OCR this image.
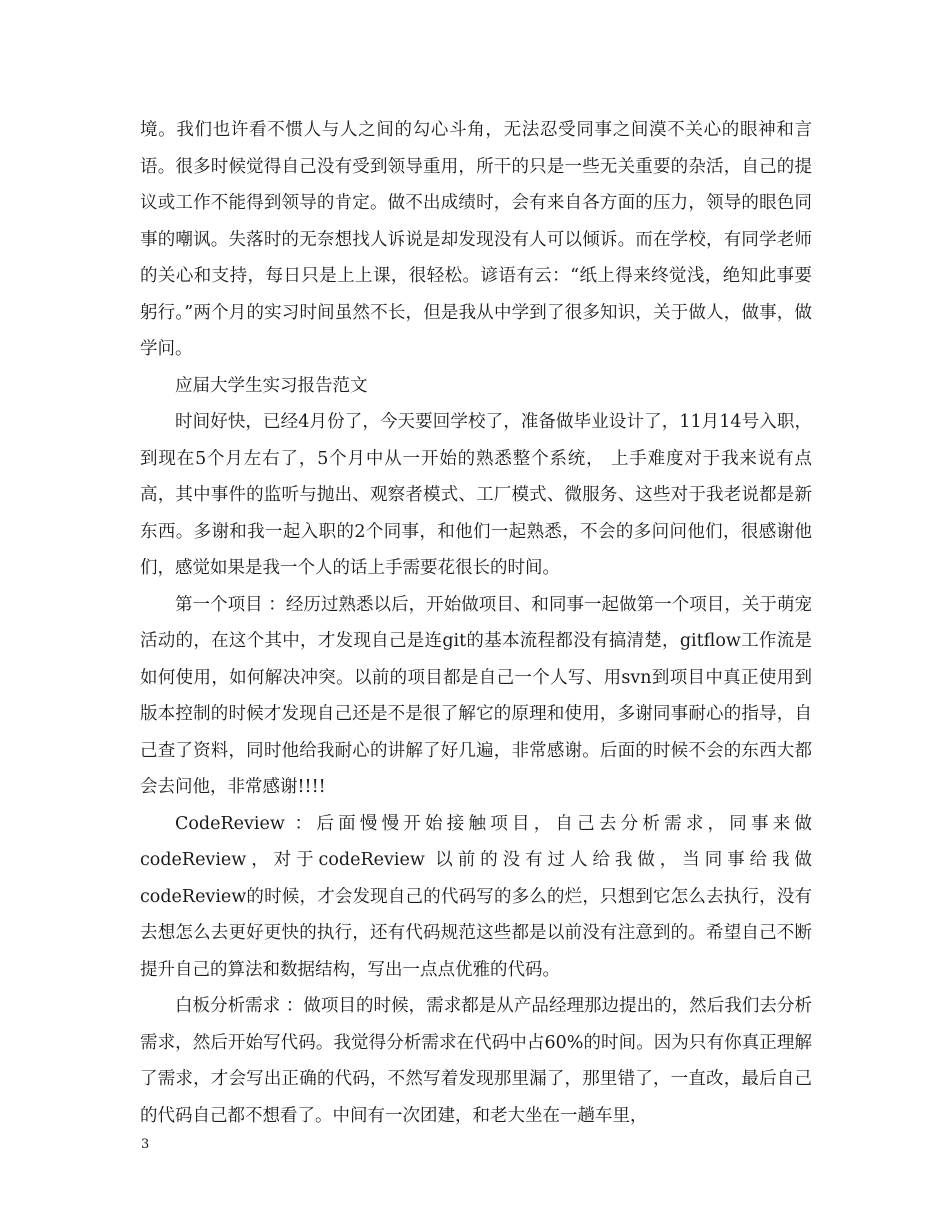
境。我们也许看不惯人与人之间的勾心斗角，无法忍受同事之间漠不关心的眼神和言语。很多时候觉得自己没有受到领导重用，所干的只是一些无关重要的杂活，自己的提议或工作不能得到领导的肯定。做不出成绩时，会有来自各方面的压力，领导的眼色同事的嘲讽。失落时的无奈想找人诉说是却发现没有人可以倾诉。而在学校，有同学老师的关心和支持，每日只是上上课，很轻松。谚语有云：“纸上得来终觉浅，绝知此事要躬行。”两个月的实习时间虽然不长，但是我从中学到了很多知识，关于做人，做事，做学问。

应届大学生实习报告范文

时间好快，已经4月份了，今天要回学校了，准备做毕业设计了，11月14号入职，到现在5个月左右了，5个月中从一开始的熟悉整个系统， 上手难度对于我来说有点高，其中事件的监听与抛出、观察者模式、工厂模式、微服务、这些对于我老说都是新东西。多谢和我一起入职的2个同事，和他们一起熟悉，不会的多问问他们，很感谢他们，感觉如果是我一个人的话上手需要花很长的时间。

第一个项目 ：经历过熟悉以后，开始做项目、和同事一起做第一个项目，关于萌宠活动的，在这个其中，才发现自己是连git的基本流程都没有搞清楚，gitflow工作流是如何使用，如何解决冲突。以前的项目都是自己一个人写、用svn到项目中真正使用到版本控制的时候才发现自己还是不是很了解它的原理和使用，多谢同事耐心的指导，自己查了资料，同时他给我耐心的讲解了好几遍，非常感谢。后面的时候不会的东西大都会去问他，非常感谢!!!!

CodeReview ：后面慢慢开始接触项目，自己去分析需求，同事来做codeReview，对于codeReview 以前的没有过人给我做，当同事给我做codeReview的时候，才会发现自己的代码写的多么的烂，只想到它怎么去执行，没有去想怎么去更好更快的执行，还有代码规范这些都是以前没有注意到的。希望自己不断提升自己的算法和数据结构，写出一点点优雅的代码。

白板分析需求 ：做项目的时候，需求都是从产品经理那边提出的，然后我们去分析需求，然后开始写代码。我觉得分析需求在代码中占60%的时间。因为只有你真正理解了需求，才会写出正确的代码，不然写着发现那里漏了，那里错了，一直改，最后自己的代码自己都不想看了。中间有一次团建，和老大坐在一趟车里，

3
